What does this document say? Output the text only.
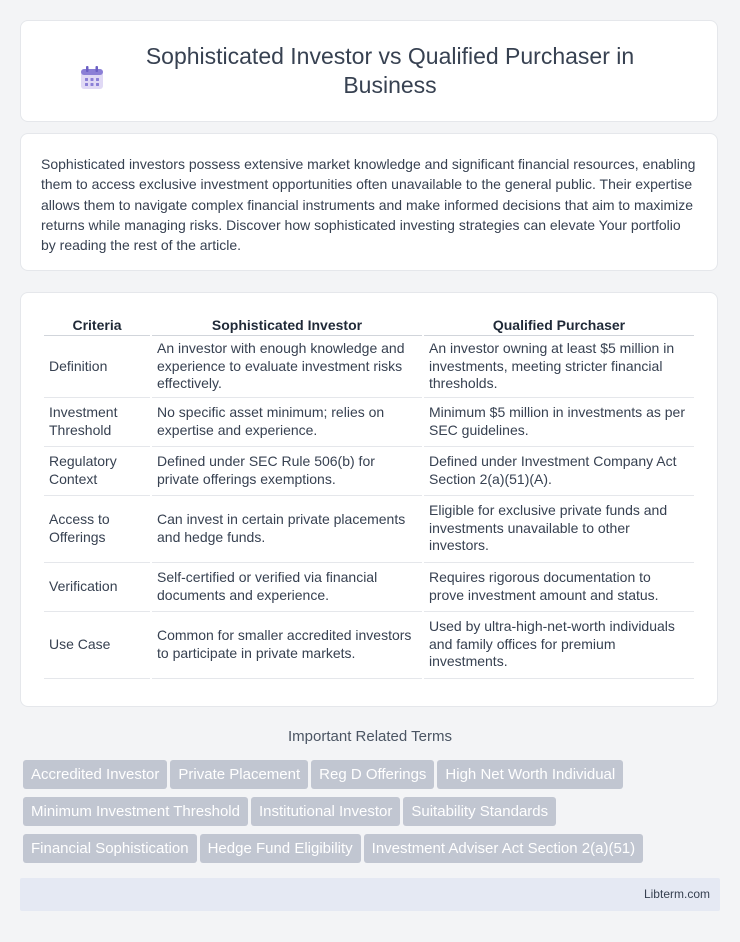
Sophisticated Investor vs Qualified Purchaser in Business

Sophisticated investors possess extensive market knowledge and significant financial resources, enabling them to access exclusive investment opportunities often unavailable to the general public. Their expertise allows them to navigate complex financial instruments and make informed decisions that aim to maximize returns while managing risks. Discover how sophisticated investing strategies can elevate Your portfolio by reading the rest of the article.

Criteria	Sophisticated Investor	Qualified Purchaser
Definition	An investor with enough knowledge and experience to evaluate investment risks effectively.	An investor owning at least $5 million in investments, meeting stricter financial thresholds.
Investment Threshold	No specific asset minimum; relies on expertise and experience.	Minimum $5 million in investments as per SEC guidelines.
Regulatory Context	Defined under SEC Rule 506(b) for private offerings exemptions.	Defined under Investment Company Act Section 2(a)(51)(A).
Access to Offerings	Can invest in certain private placements and hedge funds.	Eligible for exclusive private funds and investments unavailable to other investors.
Verification	Self-certified or verified via financial documents and experience.	Requires rigorous documentation to prove investment amount and status.
Use Case	Common for smaller accredited investors to participate in private markets.	Used by ultra-high-net-worth individuals and family offices for premium investments.
Important Related Terms
Accredited Investor Private Placement Reg D Offerings High Net Worth Individual
Minimum Investment Threshold Institutional Investor Suitability Standards
Financial Sophistication Hedge Fund Eligibility Investment Adviser Act Section 2(a)(51)
Libterm.com
